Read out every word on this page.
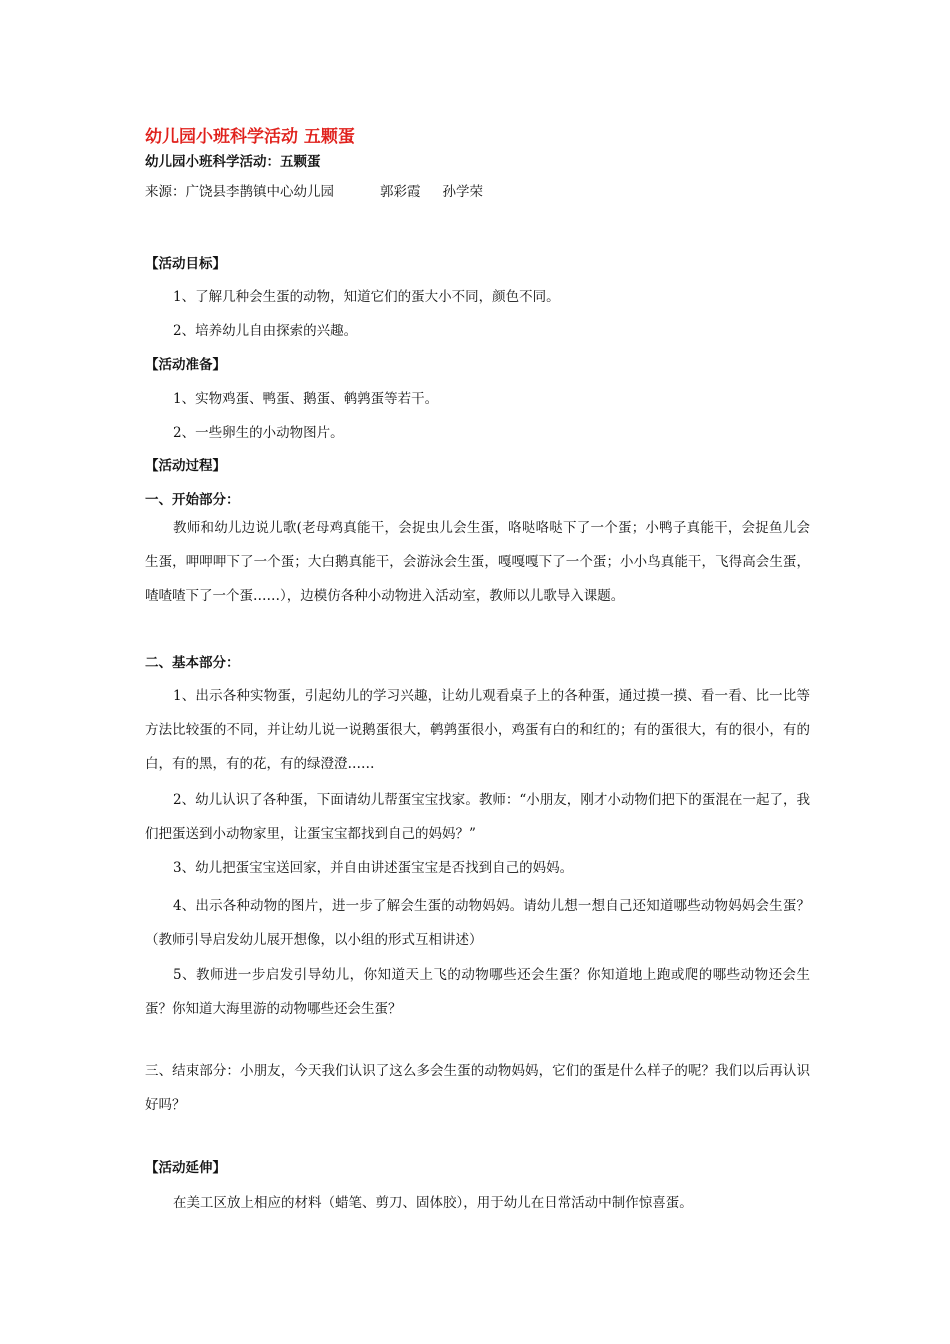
幼儿园小班科学活动 五颗蛋
幼儿园小班科学活动：五颗蛋
来源：广饶县李鹊镇中心幼儿园	郭彩霞 孙学荣
【活动目标】
1、了解几种会生蛋的动物，知道它们的蛋大小不同，颜色不同。
2、培养幼儿自由探索的兴趣。
【活动准备】
1、实物鸡蛋、鸭蛋、鹅蛋、鹌鹑蛋等若干。
2、一些卵生的小动物图片。
【活动过程】
一、开始部分：
教师和幼儿边说儿歌(老母鸡真能干，会捉虫儿会生蛋，咯哒咯哒下了一个蛋；小鸭子真能干，会捉鱼儿会生蛋，呷呷呷下了一个蛋；大白鹅真能干，会游泳会生蛋，嘎嘎嘎下了一个蛋；小小鸟真能干，飞得高会生蛋，喳喳喳下了一个蛋……），边模仿各种小动物进入活动室，教师以儿歌导入课题。
二、基本部分：
1、出示各种实物蛋，引起幼儿的学习兴趣，让幼儿观看桌子上的各种蛋，通过摸一摸、看一看、比一比等方法比较蛋的不同，并让幼儿说一说鹅蛋很大，鹌鹑蛋很小，鸡蛋有白的和红的；有的蛋很大，有的很小，有的白，有的黑，有的花，有的绿澄澄……
2、幼儿认识了各种蛋，下面请幼儿帮蛋宝宝找家。教师：“小朋友，刚才小动物们把下的蛋混在一起了，我们把蛋送到小动物家里，让蛋宝宝都找到自己的妈妈？”
3、幼儿把蛋宝宝送回家，并自由讲述蛋宝宝是否找到自己的妈妈。
4、出示各种动物的图片，进一步了解会生蛋的动物妈妈。请幼儿想一想自己还知道哪些动物妈妈会生蛋？（教师引导启发幼儿展开想像，以小组的形式互相讲述）
5、教师进一步启发引导幼儿，你知道天上飞的动物哪些还会生蛋？你知道地上跑或爬的哪些动物还会生蛋？你知道大海里游的动物哪些还会生蛋？
三、结束部分：小朋友，今天我们认识了这么多会生蛋的动物妈妈，它们的蛋是什么样子的呢？我们以后再认识好吗？
【活动延伸】
在美工区放上相应的材料（蜡笔、剪刀、固体胶），用于幼儿在日常活动中制作惊喜蛋。
